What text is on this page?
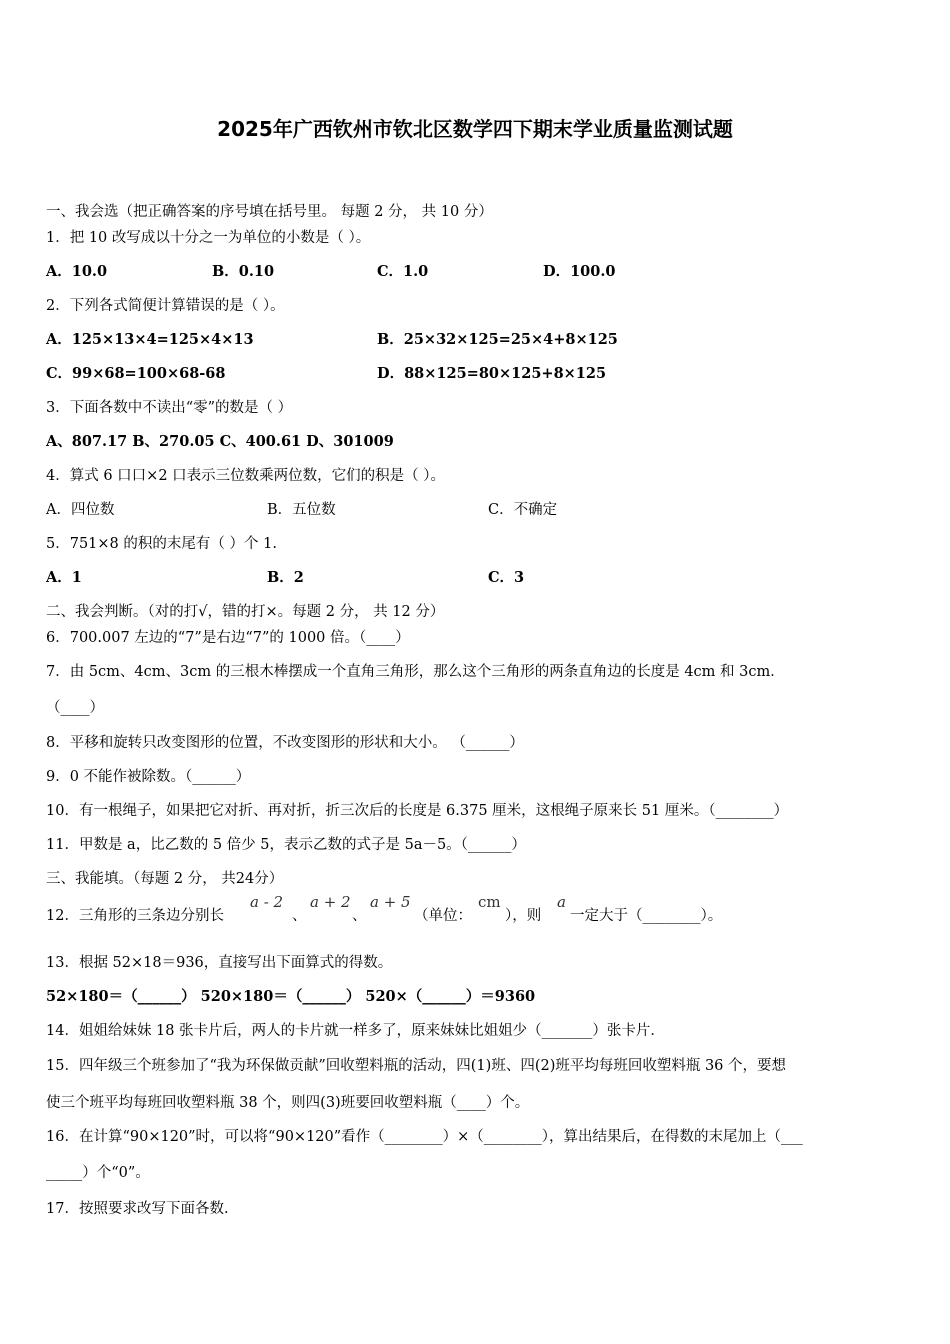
2025年广西钦州市钦北区数学四下期末学业质量监测试题
一、我会选（把正确答案的序号填在括号里。 每题 2 分， 共 10 分）
1．把 10 改写成以十分之一为单位的小数是（ ）。
A．10.0	B．0.10	C．1.0	D．100.0
2．下列各式简便计算错误的是（ ）。
A．125×13×4=125×4×13	B．25×32×125=25×4+8×125
C．99×68=100×68-68	D．88×125=80×125+8×125
3．下面各数中不读出“零”的数是（ ）
A、807.17 B、270.05 C、400.61 D、301009
4．算式 6 口口×2 口表示三位数乘两位数，它们的积是（ ）。
A．四位数	B．五位数	C．不确定
5．751×8 的积的末尾有（ ）个 1.
A．1	B．2	C．3
二、我会判断。（对的打√，错的打×。每题 2 分， 共 12 分）
6．700.007 左边的“7”是右边“7”的 1000 倍。（____）
7．由 5cm、4cm、3cm 的三根木棒摆成一个直角三角形，那么这个三角形的两条直角边的长度是 4cm 和 3cm．
（____）
8．平移和旋转只改变图形的位置，不改变图形的形状和大小。 （______）
9．0 不能作被除数。（______）
10．有一根绳子，如果把它对折、再对折，折三次后的长度是 6.375 厘米，这根绳子原来长 51 厘米。（________）
11．甲数是 a，比乙数的 5 倍少 5，表示乙数的式子是 5a－5。（______）
三、我能填。（每题 2 分， 共24分）
12．三角形的三条边分别长
a - 2
、
a + 2
、
a + 5
（单位：
cm
），则
a
一定大于（________）。
13．根据 52×18＝936，直接写出下面算式的得数。
52×180＝（______） 520×180＝（______） 520×（______）＝9360
14．姐姐给妹妹 18 张卡片后，两人的卡片就一样多了，原来妹妹比姐姐少（_______）张卡片．
15．四年级三个班参加了“我为环保做贡献”回收塑料瓶的活动，四(1)班、四(2)班平均每班回收塑料瓶 36 个，要想
使三个班平均每班回收塑料瓶 38 个，则四(3)班要回收塑料瓶（____）个。
16．在计算“90×120”时，可以将“90×120”看作（________）×（________），算出结果后，在得数的末尾加上（___
_____）个“0”。
17．按照要求改写下面各数.
